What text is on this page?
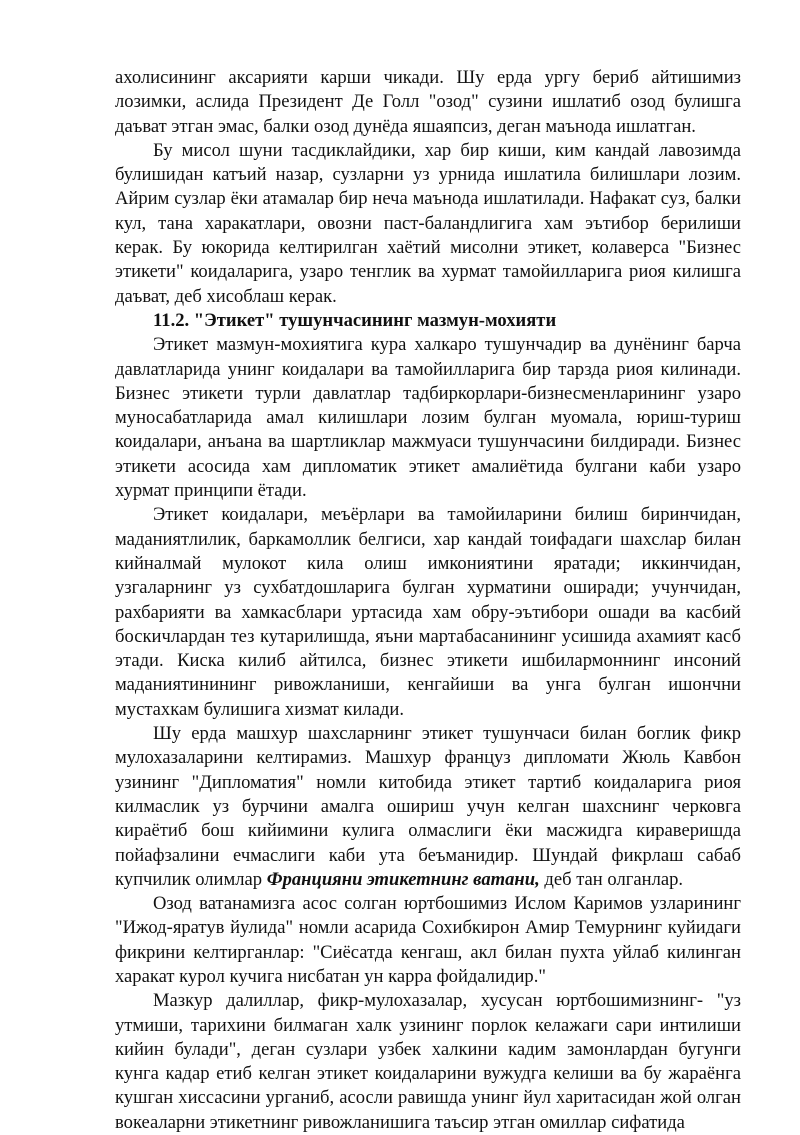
ахолисининг аксарияти карши чикади. Шу ерда ургу бериб айтишимиз лозимки, аслида Президент Де Голл "озод" сузини ишлатиб озод булишга даъват этган эмас, балки озод дунёда яшаяпсиз, деган маънода ишлатган.

Бу мисол шуни тасдиклайдики, хар бир киши, ким кандай лавозимда булишидан катъий назар, сузларни уз урнида ишлатила билишлари лозим. Айрим сузлар ёки атамалар бир неча маънода ишлатилади. Нафакат суз, балки кул, тана харакатлари, овозни паст-баландлигига хам эътибор берилиши керак. Бу юкорида келтирилган хаётий мисолни этикет, колаверса "Бизнес этикети" коидаларига, узаро тенглик ва хурмат тамойилларига риоя килишга даъват, деб хисоблаш керак.

11.2. "Этикет" тушунчасининг мазмун-мохияти

Этикет мазмун-мохиятига кура халкаро тушунчадир ва дунёнинг барча давлатларида унинг коидалари ва тамойилларига бир тарзда риоя килинади. Бизнес этикети турли давлатлар тадбиркорлари-бизнесменларининг узаро муносабатларида амал килишлари лозим булган муомала, юриш-туриш коидалари, анъана ва шартликлар мажмуаси тушунчасини билдиради. Бизнес этикети асосида хам дипломатик этикет амалиётида булгани каби узаро хурмат принципи ётади.

Этикет коидалари, меъёрлари ва тамойиларини билиш биринчидан, маданиятлилик, баркамоллик белгиси, хар кандай тоифадаги шахслар билан кийналмай мулокот кила олиш имкониятини яратади; иккинчидан, узгаларнинг уз сухбатдошларига булган хурматини оширади; учунчидан, рахбарияти ва хамкасблари уртасида хам обру-эътибори ошади ва касбий боскичлардан тез кутарилишда, яъни мартабасанининг усишида ахамият касб этади. Киска килиб айтилса, бизнес этикети ишбилармоннинг инсоний маданиятинининг ривожланиши, кенгайиши ва унга булган ишончни мустахкам булишига хизмат килади.

Шу ерда машхур шахсларнинг этикет тушунчаси билан боглик фикр мулохазаларини келтирамиз. Машхур француз дипломати Жюль Кавбон узининг "Дипломатия" номли китобида этикет тартиб коидаларига риоя килмаслик уз бурчини амалга ошириш учун келган шахснинг черковга кираётиб бош кийимини кулига олмаслиги ёки масжидга кираверишда пойафзалини ечмаслиги каби ута беъманидир. Шундай фикрлаш сабаб купчилик олимлар Францияни этикетнинг ватани, деб тан олганлар.

Озод ватанамизга асос солган юртбошимиз Ислом Каримов узларининг "Ижод-яратув йулида" номли асарида Сохибкирон Амир Темурнинг куйидаги фикрини келтирганлар: "Сиёсатда кенгаш, акл билан пухта уйлаб килинган харакат курол кучига нисбатан ун карра фойдалидир."

Мазкур далиллар, фикр-мулохазалар, хусусан юртбошимизнинг- "уз утмиши, тарихини билмаган халк узининг порлок келажаги сари интилиши кийин булади", деган сузлари узбек халкини кадим замонлардан бугунги кунга кадар етиб келган этикет коидаларини вужудга келиши ва бу жараёнга кушган хиссасини урганиб, асосли равишда унинг йул харитасидан жой олган вокеаларни этикетнинг ривожланишига таъсир этган омиллар сифатида
